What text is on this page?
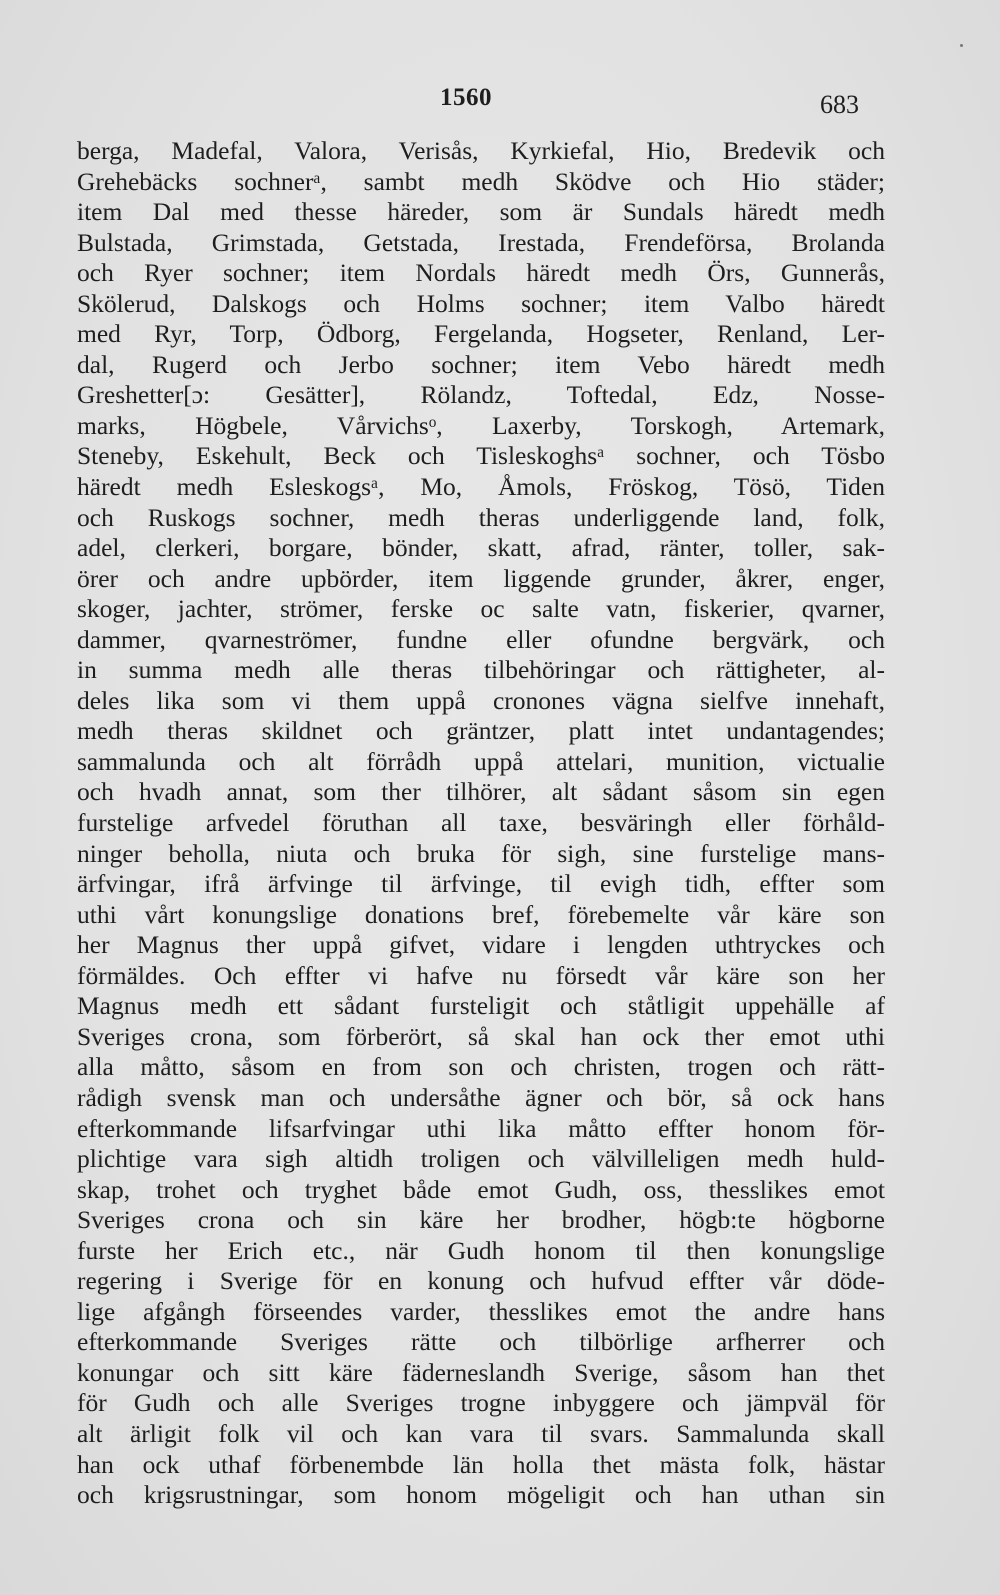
1560	683
berga, Madefal, Valora, Verisås, Kyrkiefal, Hio, Bredevik och
Grehebäcks sochnerᵃ, sambt medh Sködve och Hio städer;
item Dal med thesse häreder, som är Sundals häredt medh
Bulstada, Grimstada, Getstada, Irestada, Frendeförsa, Brolanda
och Ryer sochner; item Nordals häredt medh Örs, Gunnerås,
Skölerud, Dalskogs och Holms sochner; item Valbo häredt
med Ryr, Torp, Ödborg, Fergelanda, Hogseter, Renland, Ler-
dal, Rugerd och Jerbo sochner; item Vebo häredt medh
Greshetter[ɔ: Gesätter], Rölandz, Toftedal, Edz, Nosse-
marks, Högbele, Vårvichsᵒ, Laxerby, Torskogh, Artemark,
Steneby, Eskehult, Beck och Tisleskoghsᵃ sochner, och Tösbo
häredt medh Esleskogsᵃ, Mo, Åmols, Fröskog, Tösö, Tiden
och Ruskogs sochner, medh theras underliggende land, folk,
adel, clerkeri, borgare, bönder, skatt, afrad, ränter, toller, sak-
örer och andre upbörder, item liggende grunder, åkrer, enger,
skoger, jachter, strömer, ferske oc salte vatn, fiskerier, qvarner,
dammer, qvarneströmer, fundne eller ofundne bergvärk, och
in summa medh alle theras tilbehöringar och rättigheter, al-
deles lika som vi them uppå cronones vägna sielfve innehaft,
medh theras skildnet och gräntzer, platt intet undantagendes;
sammalunda och alt förrådh uppå attelari, munition, victualie
och hvadh annat, som ther tilhörer, alt sådant såsom sin egen
furstelige arfvedel föruthan all taxe, besväringh eller förhåld-
ninger beholla, niuta och bruka för sigh, sine furstelige mans-
ärfvingar, ifrå ärfvinge til ärfvinge, til evigh tidh, effter som
uthi vårt konungslige donations bref, förebemelte vår käre son
her Magnus ther uppå gifvet, vidare i lengden uthtryckes och
förmäldes. Och effter vi hafve nu försedt vår käre son her
Magnus medh ett sådant fursteligit och ståtligit uppehälle af
Sveriges crona, som förberört, så skal han ock ther emot uthi
alla måtto, såsom en from son och christen, trogen och rätt-
rådigh svensk man och undersåthe ägner och bör, så ock hans
efterkommande lifsarfvingar uthi lika måtto effter honom för-
plichtige vara sigh altidh troligen och välvilleligen medh huld-
skap, trohet och tryghet både emot Gudh, oss, thesslikes emot
Sveriges crona och sin käre her brodher, högb:te högborne
furste her Erich etc., när Gudh honom til then konungslige
regering i Sverige för en konung och hufvud effter vår döde-
lige afgångh förseendes varder, thesslikes emot the andre hans
efterkommande Sveriges rätte och tilbörlige arfherrer och
konungar och sitt käre fäderneslandh Sverige, såsom han thet
för Gudh och alle Sveriges trogne inbyggere och jämpväl för
alt ärligit folk vil och kan vara til svars. Sammalunda skall
han ock uthaf förbenembde län holla thet mästa folk, hästar
och krigsrustningar, som honom mögeligit och han uthan sin
